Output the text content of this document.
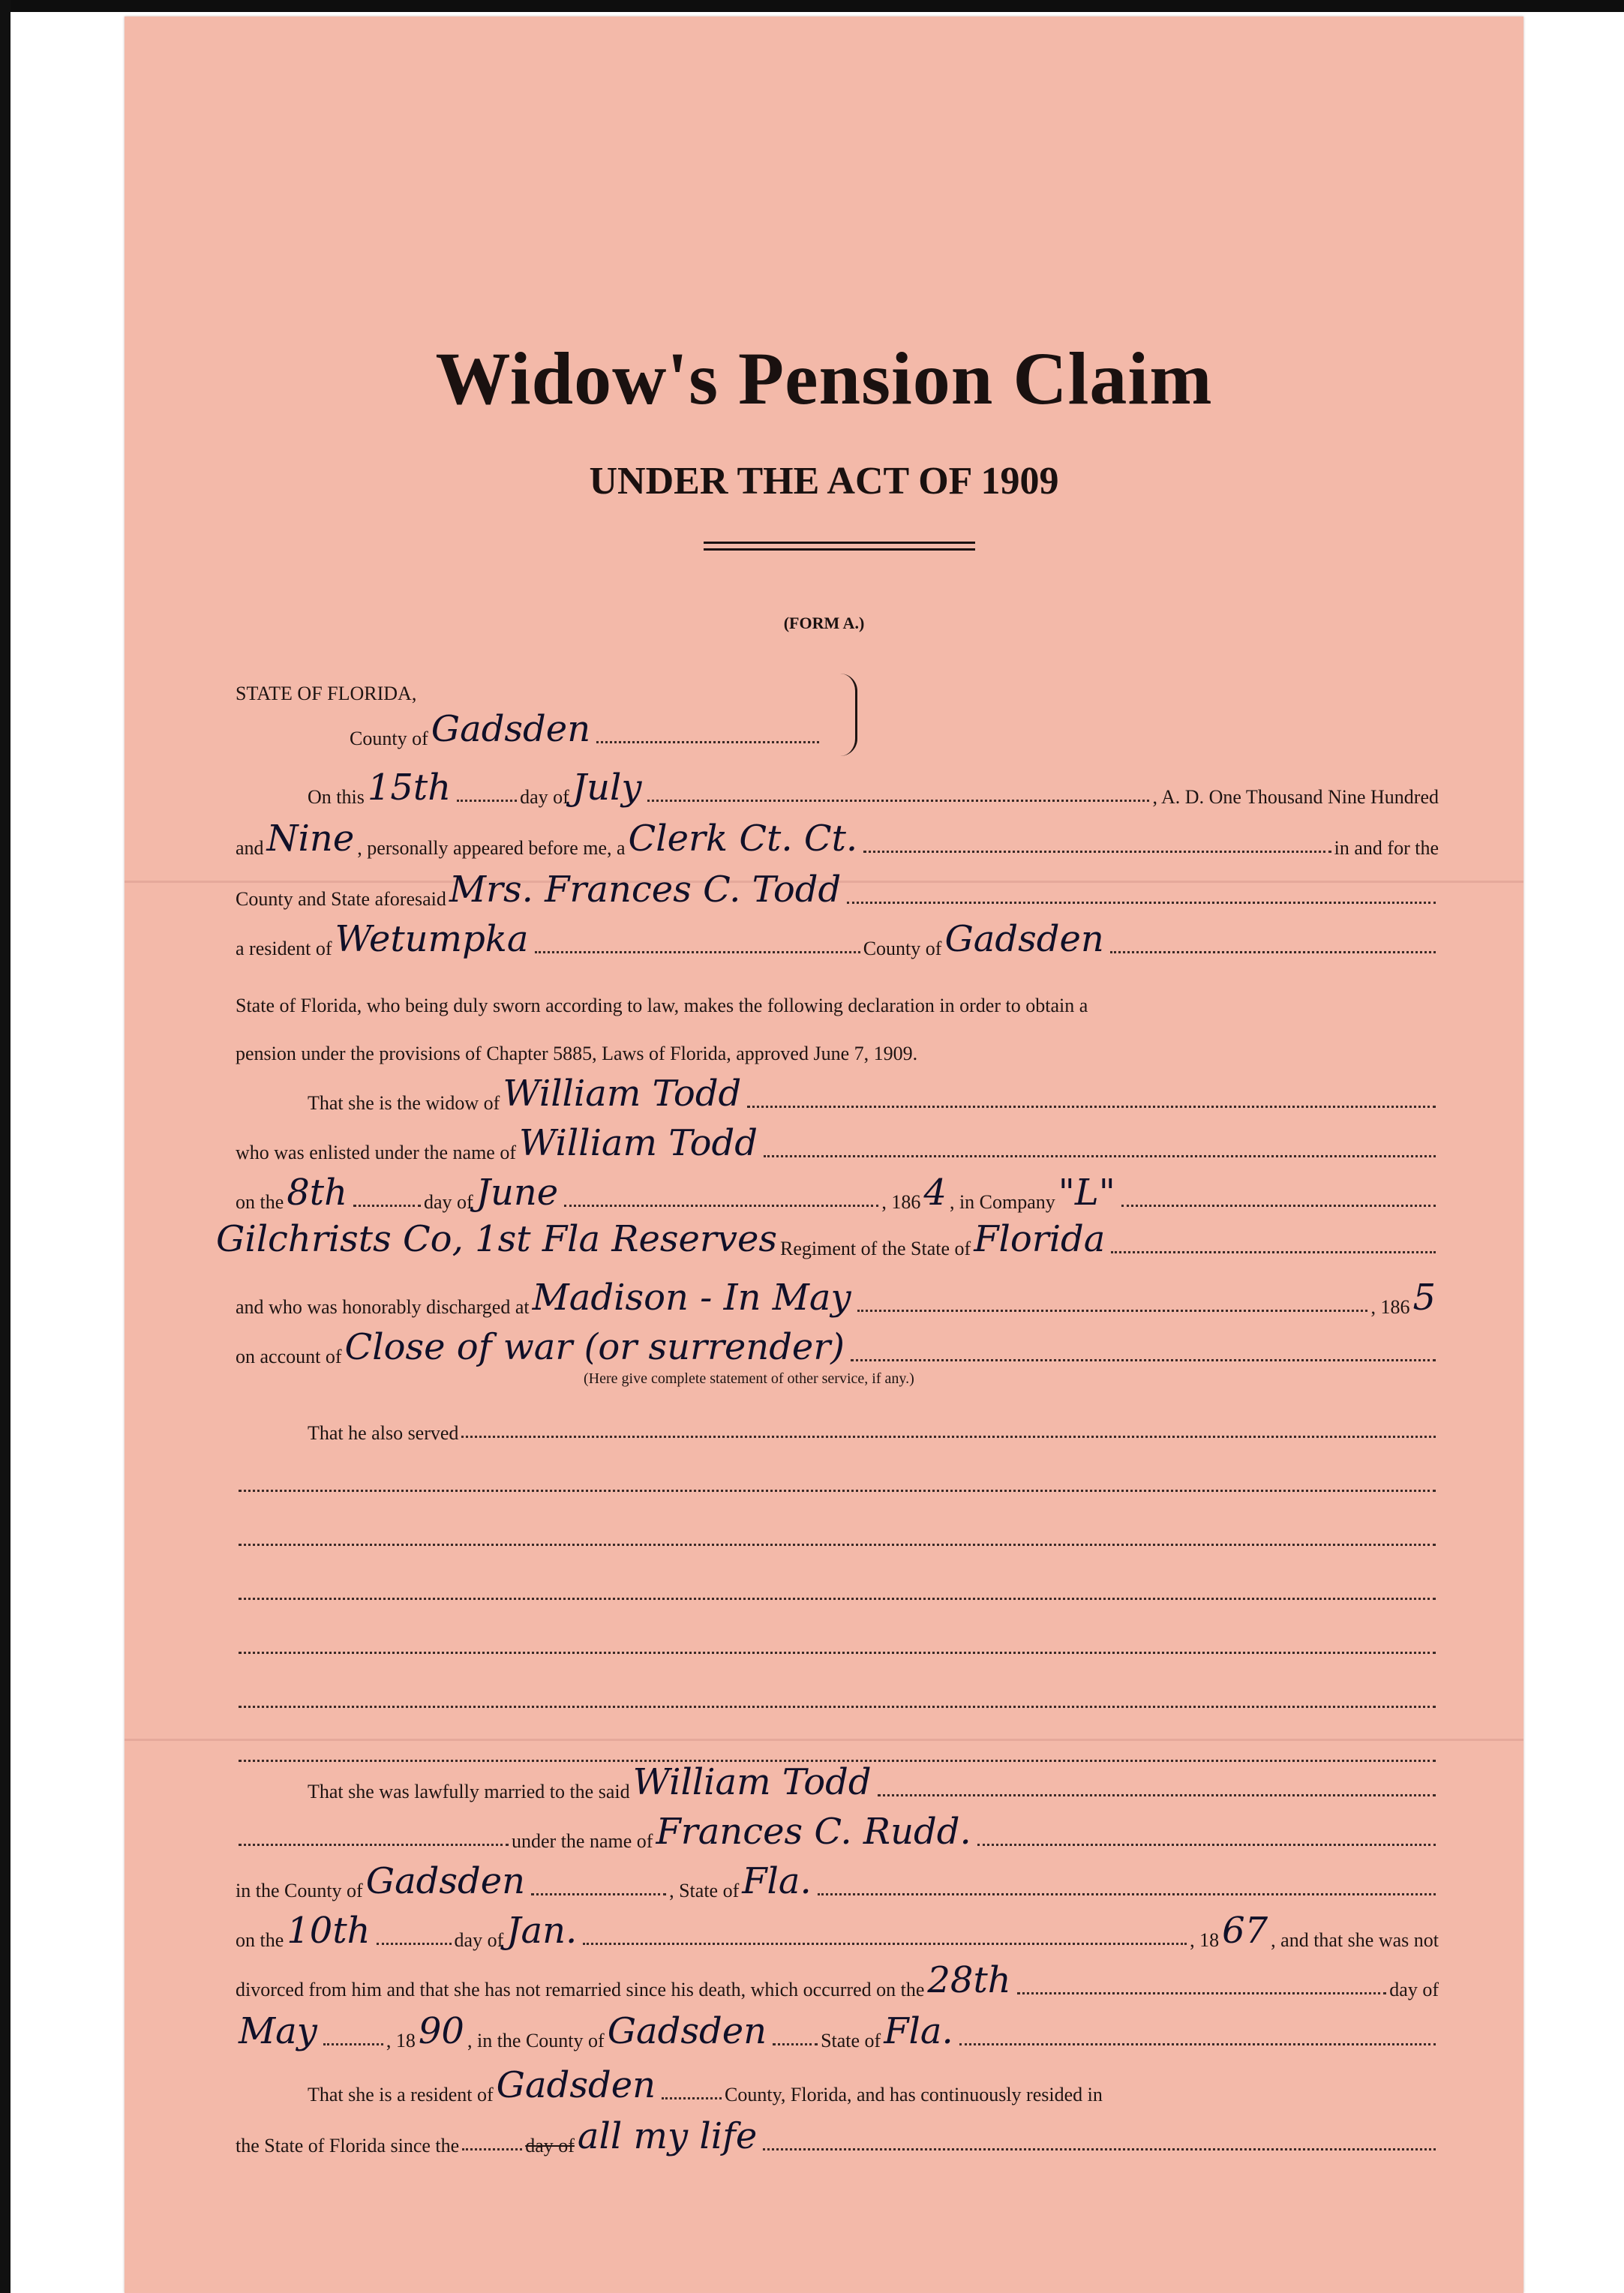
Widow's Pension Claim
UNDER THE ACT OF 1909
(FORM A.)
STATE OF FLORIDA,
County of Gadsden
On this 15th	day of July	, A. D. One Thousand Nine Hundred
and Nine , personally appeared before me, a Clerk Ct. Ct.	in and for the
County and State aforesaid Mrs. Frances C. Todd
a resident of Wetumpka	County of Gadsden
State of Florida, who being duly sworn according to law, makes the following declaration in order to obtain a
pension under the provisions of Chapter 5885, Laws of Florida, approved June 7, 1909.
That she is the widow of William Todd
who was enlisted under the name of William Todd
on the 8th	day of June	, 186 4 , in Company "L"
Gilchrists Co, 1st Fla Reserves Regiment of the State of Florida
and who was honorably discharged at Madison - In May	, 186 5
on account of Close of war (or surrender)
(Here give complete statement of other service, if any.)
That he also served
That she was lawfully married to the said William Todd
under the name of Frances C. Rudd.
in the County of Gadsden	, State of Fla.
on the 10th	day of Jan.	, 18 67 , and that she was not
divorced from him and that she has not remarried since his death, which occurred on the 28th	day of
May	, 18 90 , in the County of Gadsden	State of Fla.
That she is a resident of Gadsden	County, Florida, and has continuously resided in
the State of Florida since the	day of all my life
